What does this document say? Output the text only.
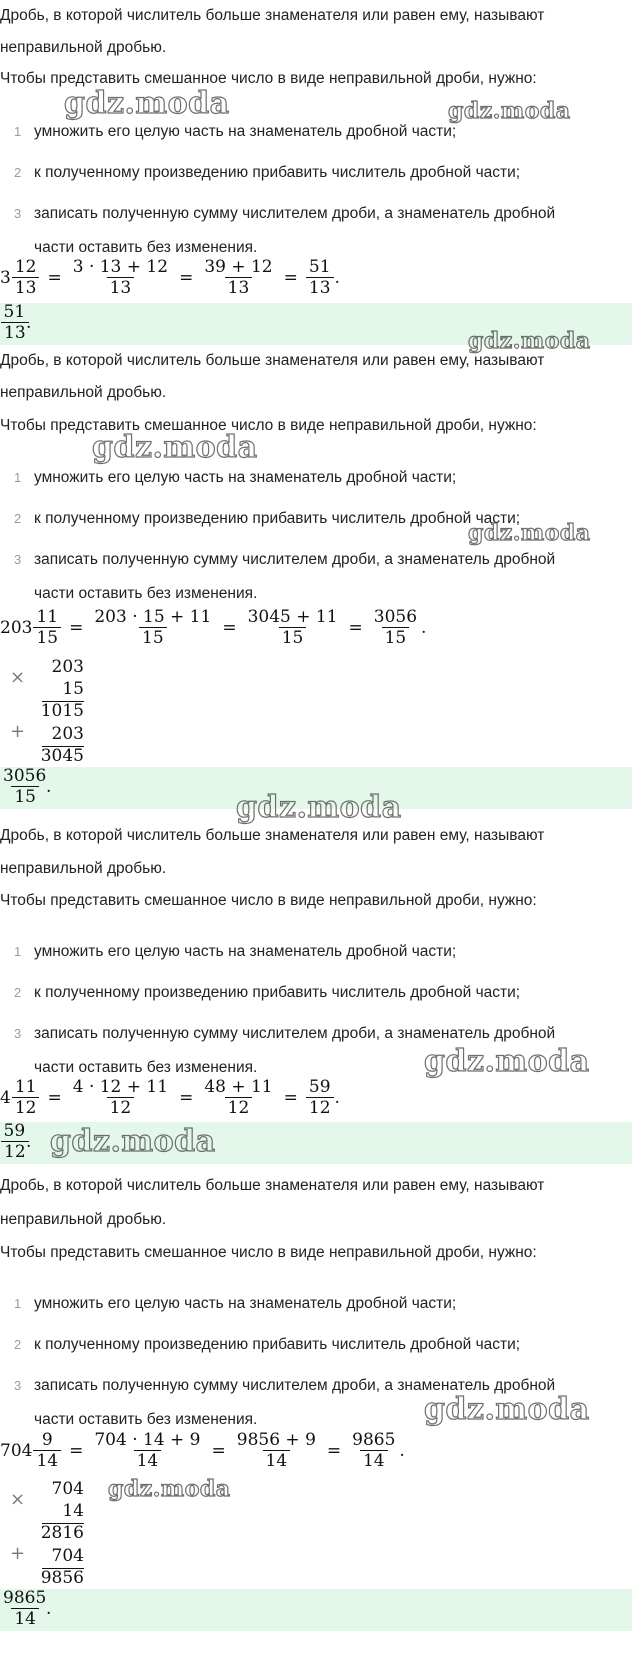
Дробь, в которой числитель больше знаменателя или равен ему, называют
неправильной дробью.
Чтобы представить смешанное число в виде неправильной дроби, нужно:
1 умножить его целую часть на знаменатель дробной части;
2 к полученному произведению прибавить числитель дробной части;
3 записать полученную сумму числителем дроби, а знаменатель дробной
части оставить без изменения.
$3 \frac{12}{13} = \frac{3 \cdot 13 + 12}{13} = \frac{39 + 12}{13} = \frac{51}{13}$ .
$\frac{51}{13}$
.
Дробь, в которой числитель больше знаменателя или равен ему, называют
неправильной дробью.
Чтобы представить смешанное число в виде неправильной дроби, нужно:
1 умножить его целую часть на знаменатель дробной части;
2 к полученному произведению прибавить числитель дробной части;
3 записать полученную сумму числителем дроби, а знаменатель дробной
части оставить без изменения.
$203 \frac{11}{15} = \frac{203 \cdot 15 + 11}{15} = \frac{3045 + 11}{15} = \frac{3056}{15}$ .
× 203
15
1015
+ 203
3045
$\frac{3056}{15}$
.
Дробь, в которой числитель больше знаменателя или равен ему, называют
неправильной дробью.
Чтобы представить смешанное число в виде неправильной дроби, нужно:
1 умножить его целую часть на знаменатель дробной части;
2 к полученному произведению прибавить числитель дробной части;
3 записать полученную сумму числителем дроби, а знаменатель дробной
части оставить без изменения.
$4 \frac{11}{12} = \frac{4 \cdot 12 + 11}{12} = \frac{48 + 11}{12} = \frac{59}{12}$ .
$\frac{59}{12}$
.
Дробь, в которой числитель больше знаменателя или равен ему, называют
неправильной дробью.
Чтобы представить смешанное число в виде неправильной дроби, нужно:
1 умножить его целую часть на знаменатель дробной части;
2 к полученному произведению прибавить числитель дробной части;
3 записать полученную сумму числителем дроби, а знаменатель дробной
части оставить без изменения.
$704 \frac{9}{14} = \frac{704 \cdot 14 + 9}{14} = \frac{9856 + 9}{14} = \frac{9865}{14}$ .
× 704
14
2816
+ 704
9856
$\frac{9865}{14}$
.
gdz.moda	gdz.moda
gdz.moda
gdz.moda
gdz.moda
gdz.moda
gdz.moda
gdz.moda
gdz.moda
gdz.moda
